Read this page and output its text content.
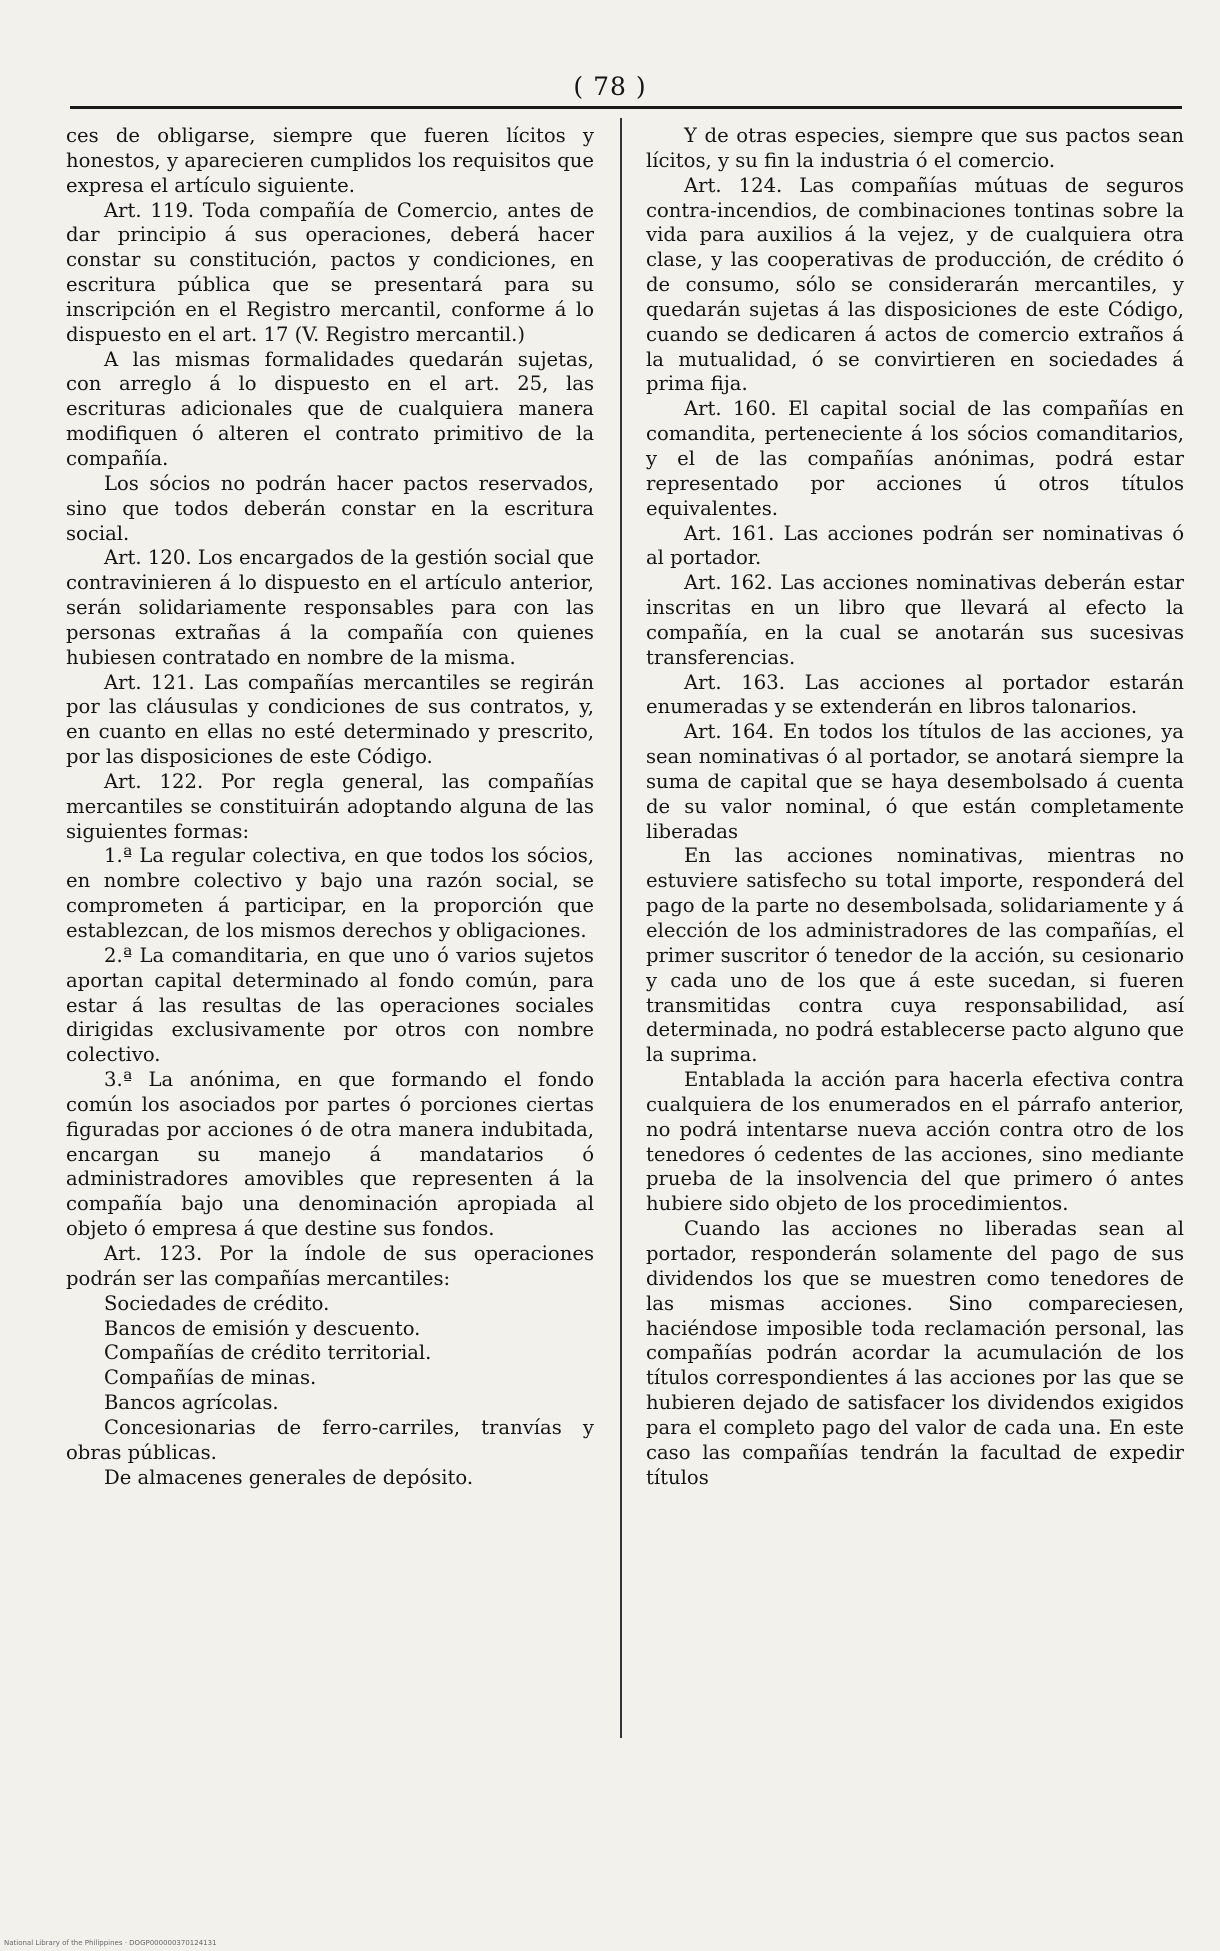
( 78 )

ces de obligarse, siempre que fueren lícitos y honestos, y aparecieren cumplidos los requisitos que expresa el artículo siguiente.

Art. 119. Toda compañía de Comercio, antes de dar principio á sus operaciones, deberá hacer constar su constitución, pactos y condiciones, en escritura pública que se presentará para su inscripción en el Registro mercantil, conforme á lo dispuesto en el art. 17 (V. Registro mercantil.)

A las mismas formalidades quedarán sujetas, con arreglo á lo dispuesto en el art. 25, las escrituras adicionales que de cualquiera manera modifiquen ó alteren el contrato primitivo de la compañía.

Los sócios no podrán hacer pactos reservados, sino que todos deberán constar en la escritura social.

Art. 120. Los encargados de la gestión social que contravinieren á lo dispuesto en el artículo anterior, serán solidariamente responsables para con las personas extrañas á la compañía con quienes hubiesen contratado en nombre de la misma.

Art. 121. Las compañías mercantiles se regirán por las cláusulas y condiciones de sus contratos, y, en cuanto en ellas no esté determinado y prescrito, por las disposiciones de este Código.

Art. 122. Por regla general, las compañías mercantiles se constituirán adoptando alguna de las siguientes formas:

1.ª La regular colectiva, en que todos los sócios, en nombre colectivo y bajo una razón social, se comprometen á participar, en la proporción que establezcan, de los mismos derechos y obligaciones.

2.ª La comanditaria, en que uno ó varios sujetos aportan capital determinado al fondo común, para estar á las resultas de las operaciones sociales dirigidas exclusivamente por otros con nombre colectivo.

3.ª La anónima, en que formando el fondo común los asociados por partes ó porciones ciertas figuradas por acciones ó de otra manera indubitada, encargan su manejo á mandatarios ó administradores amovibles que representen á la compañía bajo una denominación apropiada al objeto ó empresa á que destine sus fondos.

Art. 123. Por la índole de sus operaciones podrán ser las compañías mercantiles:

Sociedades de crédito.

Bancos de emisión y descuento.

Compañías de crédito territorial.

Compañías de minas.

Bancos agrícolas.

Concesionarias de ferro-carriles, tranvías y obras públicas.

De almacenes generales de depósito.

Y de otras especies, siempre que sus pactos sean lícitos, y su fin la industria ó el comercio.

Art. 124. Las compañías mútuas de seguros contra-incendios, de combinaciones tontinas sobre la vida para auxilios á la vejez, y de cualquiera otra clase, y las cooperativas de producción, de crédito ó de consumo, sólo se considerarán mercantiles, y quedarán sujetas á las disposiciones de este Código, cuando se dedicaren á actos de comercio extraños á la mutualidad, ó se convirtieren en sociedades á prima fija.

Art. 160. El capital social de las compañías en comandita, perteneciente á los sócios comanditarios, y el de las compañías anónimas, podrá estar representado por acciones ú otros títulos equivalentes.

Art. 161. Las acciones podrán ser nominativas ó al portador.

Art. 162. Las acciones nominativas deberán estar inscritas en un libro que llevará al efecto la compañía, en la cual se anotarán sus sucesivas transferencias.

Art. 163. Las acciones al portador estarán enumeradas y se extenderán en libros talonarios.

Art. 164. En todos los títulos de las acciones, ya sean nominativas ó al portador, se anotará siempre la suma de capital que se haya desembolsado á cuenta de su valor nominal, ó que están completamente liberadas

En las acciones nominativas, mientras no estuviere satisfecho su total importe, responderá del pago de la parte no desembolsada, solidariamente y á elección de los administradores de las compañías, el primer suscritor ó tenedor de la acción, su cesionario y cada uno de los que á este sucedan, si fueren transmitidas contra cuya responsabilidad, así determinada, no podrá establecerse pacto alguno que la suprima.

Entablada la acción para hacerla efectiva contra cualquiera de los enumerados en el párrafo anterior, no podrá intentarse nueva acción contra otro de los tenedores ó cedentes de las acciones, sino mediante prueba de la insolvencia del que primero ó antes hubiere sido objeto de los procedimientos.

Cuando las acciones no liberadas sean al portador, responderán solamente del pago de sus dividendos los que se muestren como tenedores de las mismas acciones. Sino compareciesen, haciéndose imposible toda reclamación personal, las compañías podrán acordar la acumulación de los títulos correspondientes á las acciones por las que se hubieren dejado de satisfacer los dividendos exigidos para el completo pago del valor de cada una. En este caso las compañías tendrán la facultad de expedir títulos

National Library of the Philippines · DOGP000000370124131
